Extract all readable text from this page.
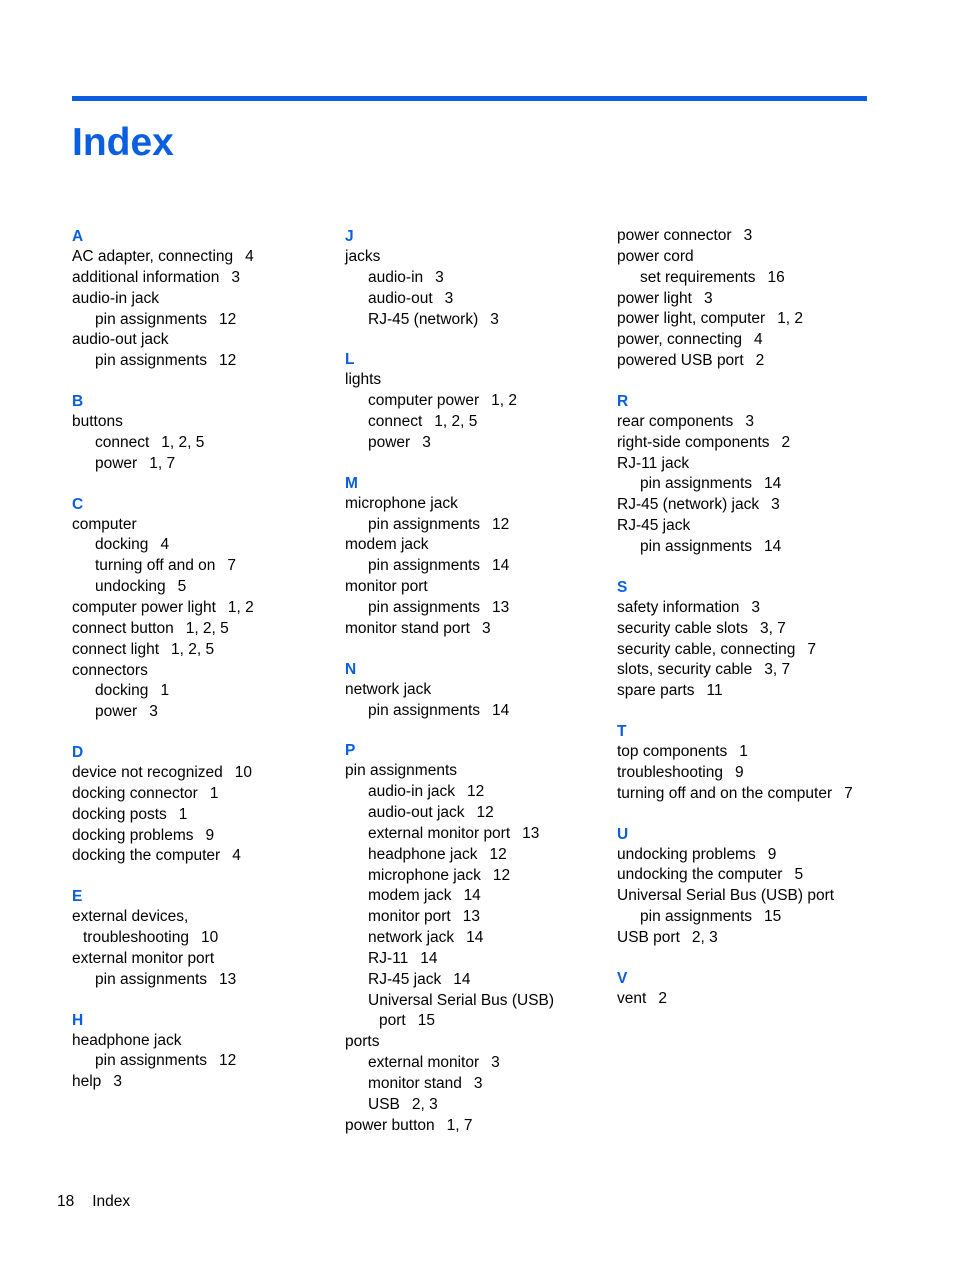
Index
A
AC adapter, connecting 4
additional information 3
audio-in jack
pin assignments 12
audio-out jack
pin assignments 12
B
buttons
connect 1, 2, 5
power 1, 7
C
computer
docking 4
turning off and on 7
undocking 5
computer power light 1, 2
connect button 1, 2, 5
connect light 1, 2, 5
connectors
docking 1
power 3
D
device not recognized 10
docking connector 1
docking posts 1
docking problems 9
docking the computer 4
E
external devices,
troubleshooting 10
external monitor port
pin assignments 13
H
headphone jack
pin assignments 12
help 3
J
jacks
audio-in 3
audio-out 3
RJ-45 (network) 3
L
lights
computer power 1, 2
connect 1, 2, 5
power 3
M
microphone jack
pin assignments 12
modem jack
pin assignments 14
monitor port
pin assignments 13
monitor stand port 3
N
network jack
pin assignments 14
P
pin assignments
audio-in jack 12
audio-out jack 12
external monitor port 13
headphone jack 12
microphone jack 12
modem jack 14
monitor port 13
network jack 14
RJ-11 14
RJ-45 jack 14
Universal Serial Bus (USB)
port 15
ports
external monitor 3
monitor stand 3
USB 2, 3
power button 1, 7
power connector 3
power cord
set requirements 16
power light 3
power light, computer 1, 2
power, connecting 4
powered USB port 2
R
rear components 3
right-side components 2
RJ-11 jack
pin assignments 14
RJ-45 (network) jack 3
RJ-45 jack
pin assignments 14
S
safety information 3
security cable slots 3, 7
security cable, connecting 7
slots, security cable 3, 7
spare parts 11
T
top components 1
troubleshooting 9
turning off and on the computer 7
U
undocking problems 9
undocking the computer 5
Universal Serial Bus (USB) port
pin assignments 15
USB port 2, 3
V
vent 2
18 Index
